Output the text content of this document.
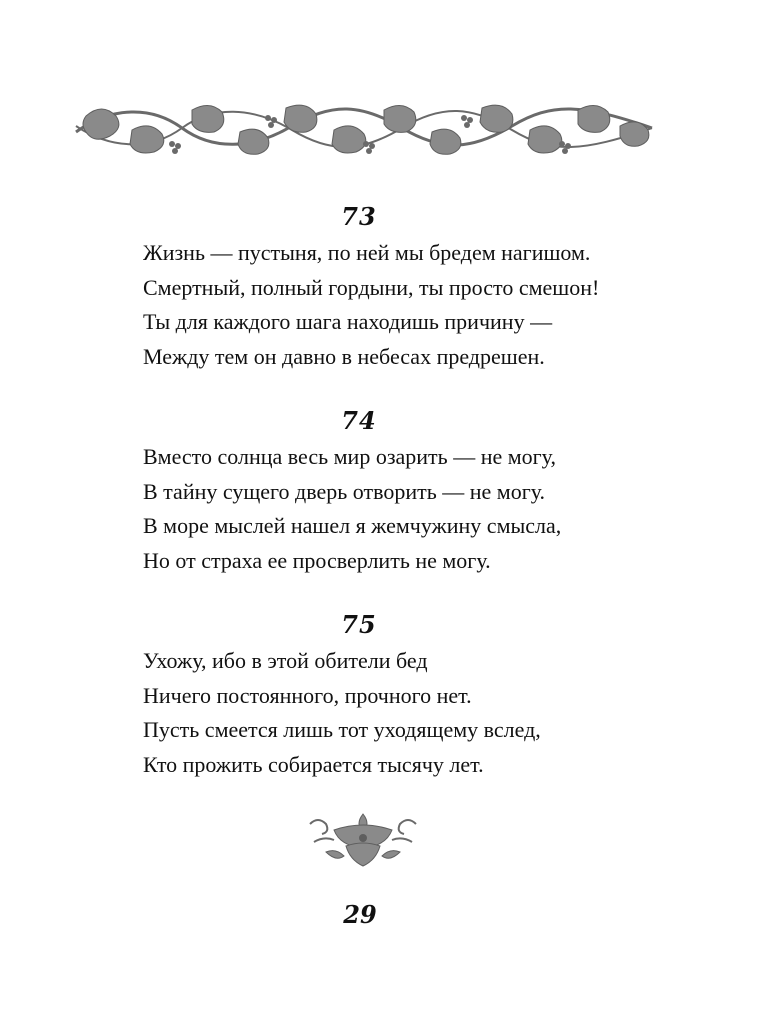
73
Жизнь — пустыня, по ней мы бредем нагишом.
Смертный, полный гордыни, ты просто смешон!
Ты для каждого шага находишь причину —
Между тем он давно в небесах предрешен.
74
Вместо солнца весь мир озарить — не могу,
В тайну сущего дверь отворить — не могу.
В море мыслей нашел я жемчужину смысла,
Но от страха ее просверлить не могу.
75
Ухожу, ибо в этой обители бед
Ничего постоянного, прочного нет.
Пусть смеется лишь тот уходящему вслед,
Кто прожить собирается тысячу лет.
29
